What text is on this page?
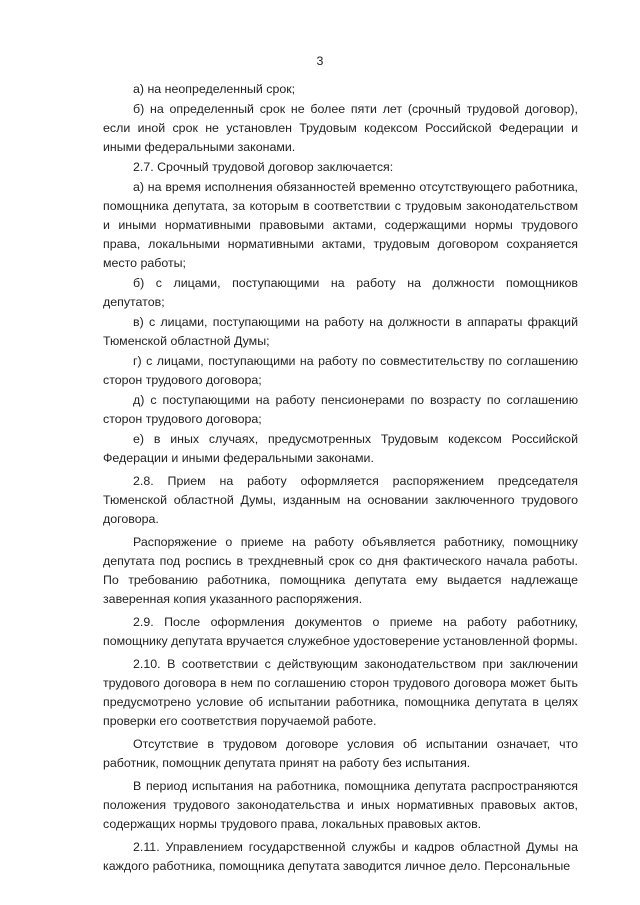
3

а) на неопределенный срок;

б) на определенный срок не более пяти лет (срочный трудовой договор), если иной срок не установлен Трудовым кодексом Российской Федерации и иными федеральными законами.

2.7. Срочный трудовой договор заключается:

а) на время исполнения обязанностей временно отсутствующего работника, помощника депутата, за которым в соответствии с трудовым законодательством и иными нормативными правовыми актами, содержащими нормы трудового права, локальными нормативными актами, трудовым договором сохраняется место работы;

б) с лицами, поступающими на работу на должности помощников депутатов;

в) с лицами, поступающими на работу на должности в аппараты фракций Тюменской областной Думы;

г) с лицами, поступающими на работу по совместительству по соглашению сторон трудового договора;

д) с поступающими на работу пенсионерами по возрасту по соглашению сторон трудового договора;

е) в иных случаях, предусмотренных Трудовым кодексом Российской Федерации и иными федеральными законами.

2.8. Прием на работу оформляется распоряжением председателя Тюменской областной Думы, изданным на основании заключенного трудового договора.

Распоряжение о приеме на работу объявляется работнику, помощнику депутата под роспись в трехдневный срок со дня фактического начала работы. По требованию работника, помощника депутата ему выдается надлежаще заверенная копия указанного распоряжения.

2.9. После оформления документов о приеме на работу работнику, помощнику депутата вручается служебное удостоверение установленной формы.

2.10. В соответствии с действующим законодательством при заключении трудового договора в нем по соглашению сторон трудового договора может быть предусмотрено условие об испытании работника, помощника депутата в целях проверки его соответствия поручаемой работе.

Отсутствие в трудовом договоре условия об испытании означает, что работник, помощник депутата принят на работу без испытания.

В период испытания на работника, помощника депутата распространяются положения трудового законодательства и иных нормативных правовых актов, содержащих нормы трудового права, локальных правовых актов.

2.11. Управлением государственной службы и кадров областной Думы на каждого работника, помощника депутата заводится личное дело. Персональные
